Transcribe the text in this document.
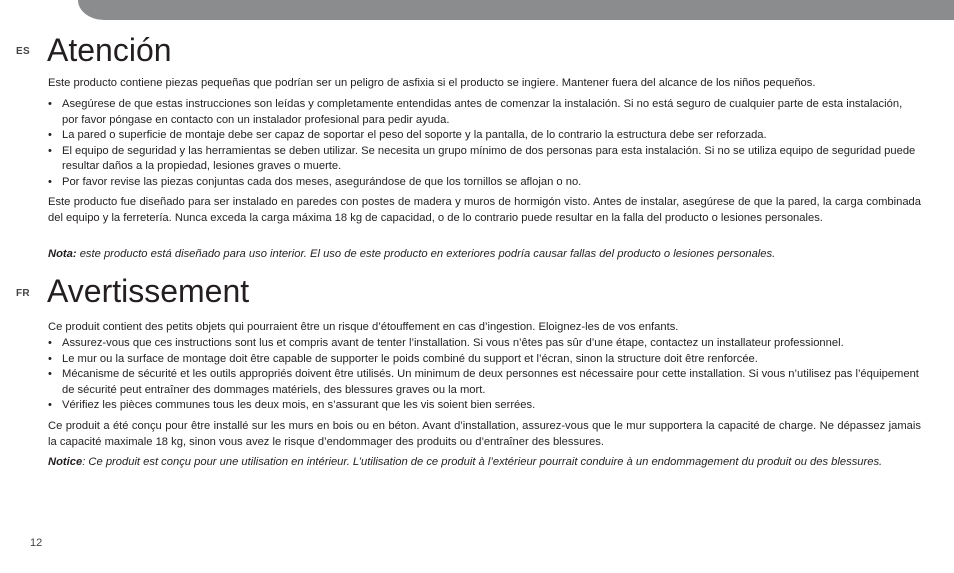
ES Atención

Este producto contiene piezas pequeñas que podrían ser un peligro de asfixia si el producto se ingiere. Mantener fuera del alcance de los niños pequeños.

• Asegúrese de que estas instrucciones son leídas y completamente entendidas antes de comenzar la instalación. Si no está seguro de cualquier parte de esta instalación, por favor póngase en contacto con un instalador profesional para pedir ayuda.
• La pared o superficie de montaje debe ser capaz de soportar el peso del soporte y la pantalla, de lo contrario la estructura debe ser reforzada.
• El equipo de seguridad y las herramientas se deben utilizar. Se necesita un grupo mínimo de dos personas para esta instalación. Si no se utiliza equipo de seguridad puede resultar daños a la propiedad, lesiones graves o muerte.
• Por favor revise las piezas conjuntas cada dos meses, asegurándose de que los tornillos se aflojan o no.

Este producto fue diseñado para ser instalado en paredes con postes de madera y muros de hormigón visto. Antes de instalar, asegúrese de que la pared, la carga combinada del equipo y la ferretería. Nunca exceda la carga máxima 18 kg de capacidad, o de lo contrario puede resultar en la falla del producto o lesiones personales.

Nota: este producto está diseñado para uso interior. El uso de este producto en exteriores podría causar fallas del producto o lesiones personales.

FR Avertissement

Ce produit contient des petits objets qui pourraient être un risque d’étouffement en cas d’ingestion. Eloignez-les de vos enfants.

• Assurez-vous que ces instructions sont lus et compris avant de tenter l’installation. Si vous n’êtes pas sûr d’une étape, contactez un installateur professionnel.
• Le mur ou la surface de montage doit être capable de supporter le poids combiné du support et l’écran, sinon la structure doit être renforcée.
• Mécanisme de sécurité et les outils appropriés doivent être utilisés. Un minimum de deux personnes est nécessaire pour cette installation. Si vous n’utilisez pas l’équipement de sécurité peut entraîner des dommages matériels, des blessures graves ou la mort.
• Vérifiez les pièces communes tous les deux mois, en s’assurant que les vis soient bien serrées.

Ce produit a été conçu pour être installé sur les murs en bois ou en béton. Avant d’installation, assurez-vous que le mur supportera la capacité de charge. Ne dépassez jamais la capacité maximale 18 kg, sinon vous avez le risque d’endommager des produits ou d’entraîner des blessures.

Notice: Ce produit est conçu pour une utilisation en intérieur. L’utilisation de ce produit à l’extérieur pourrait conduire à un endommagement du produit ou des blessures.

12
